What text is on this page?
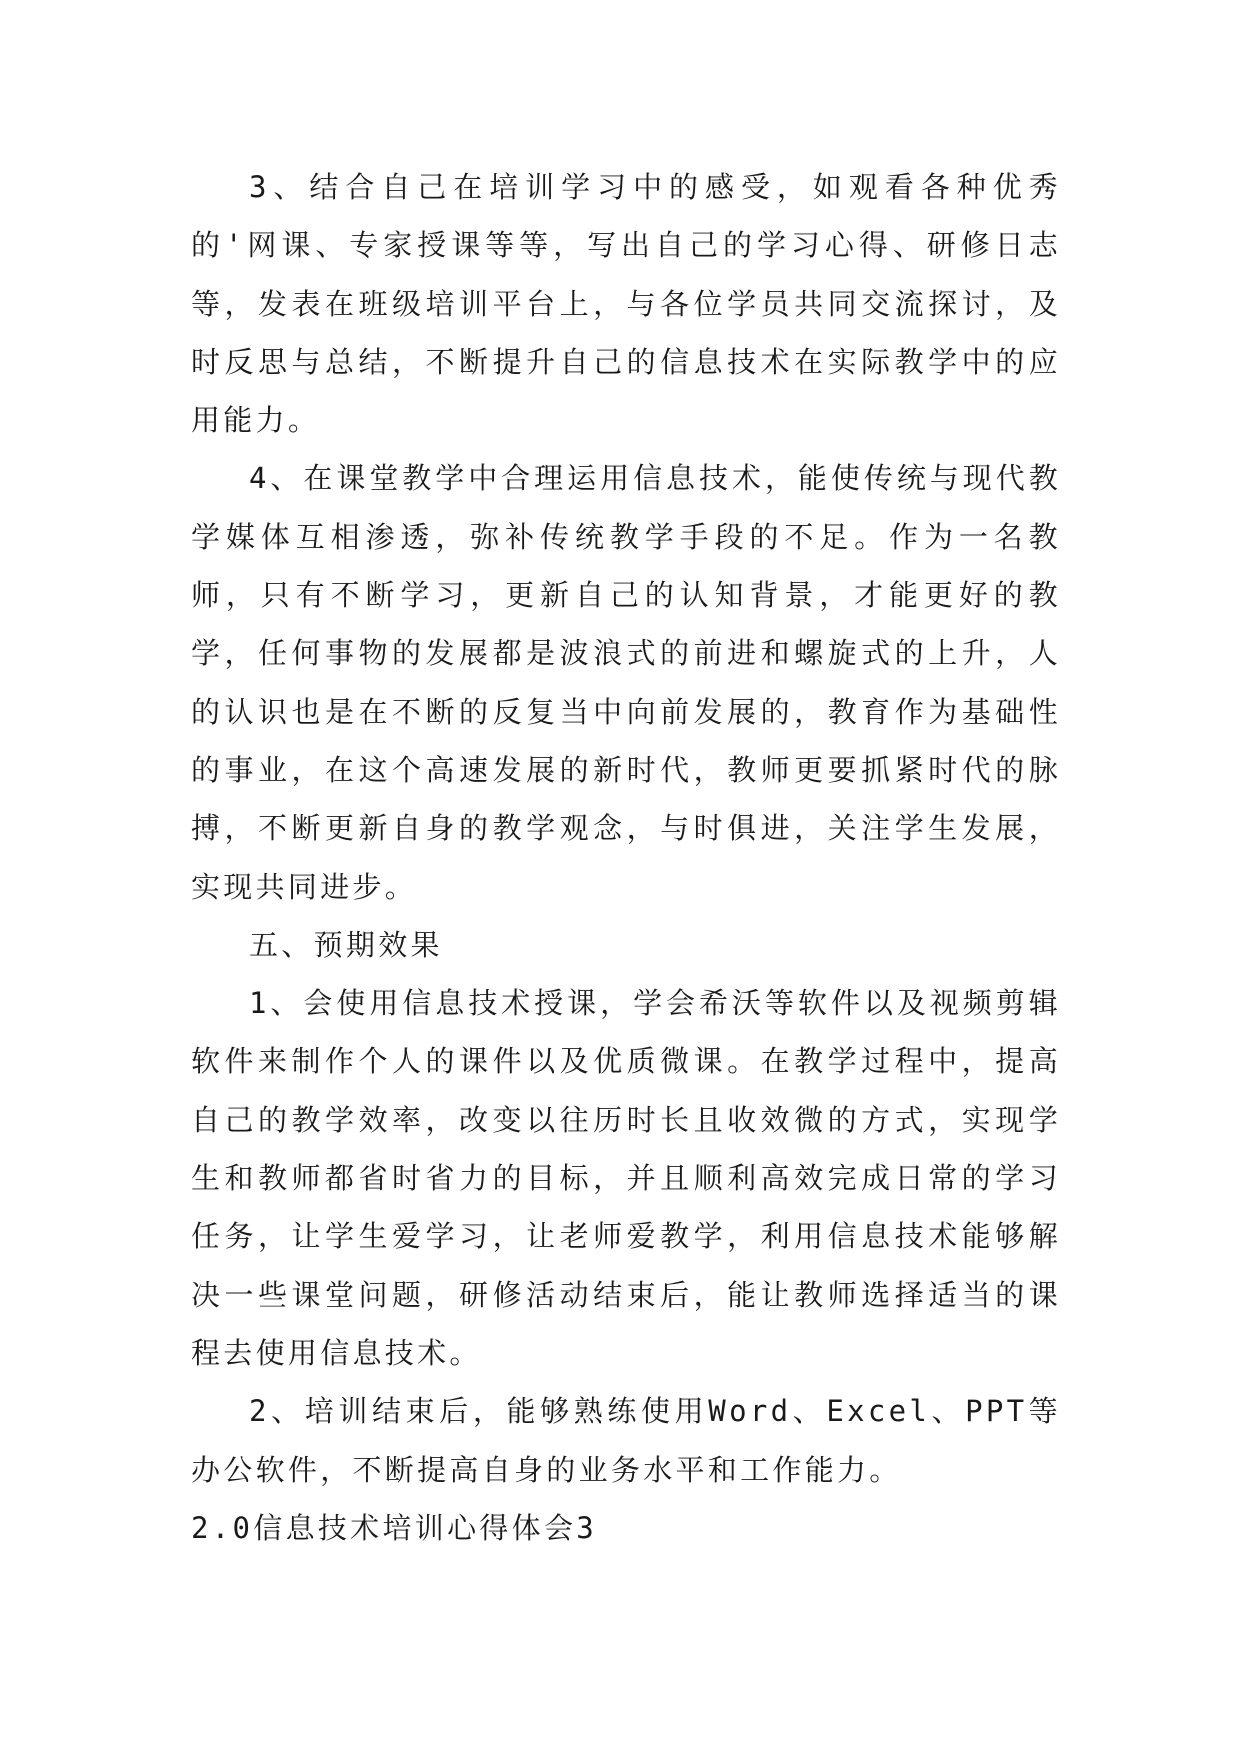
3、结合自己在培训学习中的感受，如观看各种优秀的'网课、专家授课等等，写出自己的学习心得、研修日志等，发表在班级培训平台上，与各位学员共同交流探讨，及时反思与总结，不断提升自己的信息技术在实际教学中的应用能力。

4、在课堂教学中合理运用信息技术，能使传统与现代教学媒体互相渗透，弥补传统教学手段的不足。作为一名教师，只有不断学习，更新自己的认知背景，才能更好的教学，任何事物的发展都是波浪式的前进和螺旋式的上升，人的认识也是在不断的反复当中向前发展的，教育作为基础性的事业，在这个高速发展的新时代，教师更要抓紧时代的脉搏，不断更新自身的教学观念，与时俱进，关注学生发展，实现共同进步。

五、预期效果

1、会使用信息技术授课，学会希沃等软件以及视频剪辑软件来制作个人的课件以及优质微课。在教学过程中，提高自己的教学效率，改变以往历时长且收效微的方式，实现学生和教师都省时省力的目标，并且顺利高效完成日常的学习任务，让学生爱学习，让老师爱教学，利用信息技术能够解决一些课堂问题，研修活动结束后，能让教师选择适当的课程去使用信息技术。

2、培训结束后，能够熟练使用Word、Excel、PPT等办公软件，不断提高自身的业务水平和工作能力。

2.0信息技术培训心得体会3
